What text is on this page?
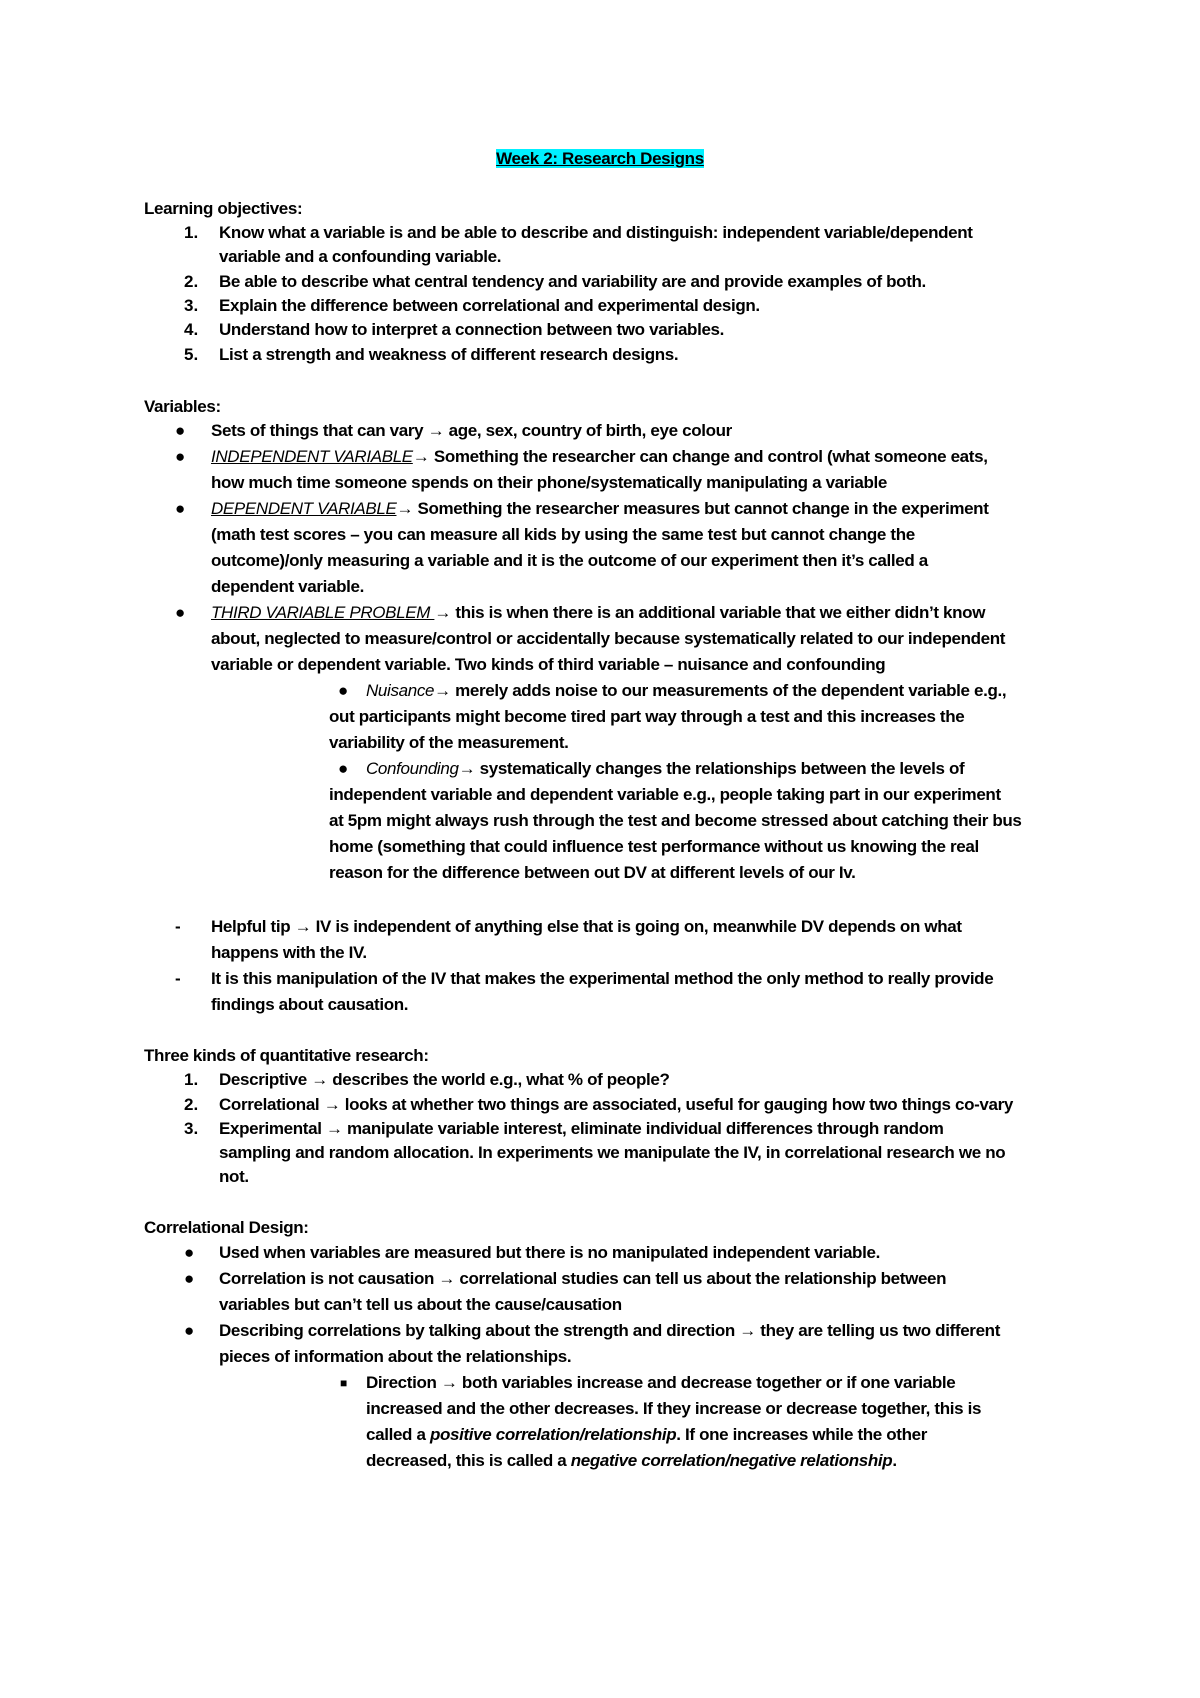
Week 2: Research Designs
Learning objectives:
1. Know what a variable is and be able to describe and distinguish: independent variable/dependent
variable and a confounding variable.
2. Be able to describe what central tendency and variability are and provide examples of both.
3. Explain the difference between correlational and experimental design.
4. Understand how to interpret a connection between two variables.
5. List a strength and weakness of different research designs.
Variables:
● Sets of things that can vary → age, sex, country of birth, eye colour
● INDEPENDENT VARIABLE→ Something the researcher can change and control (what someone eats,
how much time someone spends on their phone/systematically manipulating a variable
● DEPENDENT VARIABLE→ Something the researcher measures but cannot change in the experiment
(math test scores – you can measure all kids by using the same test but cannot change the
outcome)/only measuring a variable and it is the outcome of our experiment then it’s called a
dependent variable.
● THIRD VARIABLE PROBLEM → this is when there is an additional variable that we either didn’t know
about, neglected to measure/control or accidentally because systematically related to our independent
variable or dependent variable. Two kinds of third variable – nuisance and confounding
● Nuisance→ merely adds noise to our measurements of the dependent variable e.g.,
out participants might become tired part way through a test and this increases the
variability of the measurement.
● Confounding→ systematically changes the relationships between the levels of
independent variable and dependent variable e.g., people taking part in our experiment
at 5pm might always rush through the test and become stressed about catching their bus
home (something that could influence test performance without us knowing the real
reason for the difference between out DV at different levels of our Iv.
- Helpful tip → IV is independent of anything else that is going on, meanwhile DV depends on what
happens with the IV.
- It is this manipulation of the IV that makes the experimental method the only method to really provide
findings about causation.
Three kinds of quantitative research:
1. Descriptive → describes the world e.g., what % of people?
2. Correlational → looks at whether two things are associated, useful for gauging how two things co-vary
3. Experimental → manipulate variable interest, eliminate individual differences through random
sampling and random allocation. In experiments we manipulate the IV, in correlational research we no
not.
Correlational Design:
● Used when variables are measured but there is no manipulated independent variable.
● Correlation is not causation → correlational studies can tell us about the relationship between
variables but can’t tell us about the cause/causation
● Describing correlations by talking about the strength and direction → they are telling us two different
pieces of information about the relationships.
■ Direction → both variables increase and decrease together or if one variable
increased and the other decreases. If they increase or decrease together, this is
called a positive correlation/relationship. If one increases while the other
decreased, this is called a negative correlation/negative relationship.
